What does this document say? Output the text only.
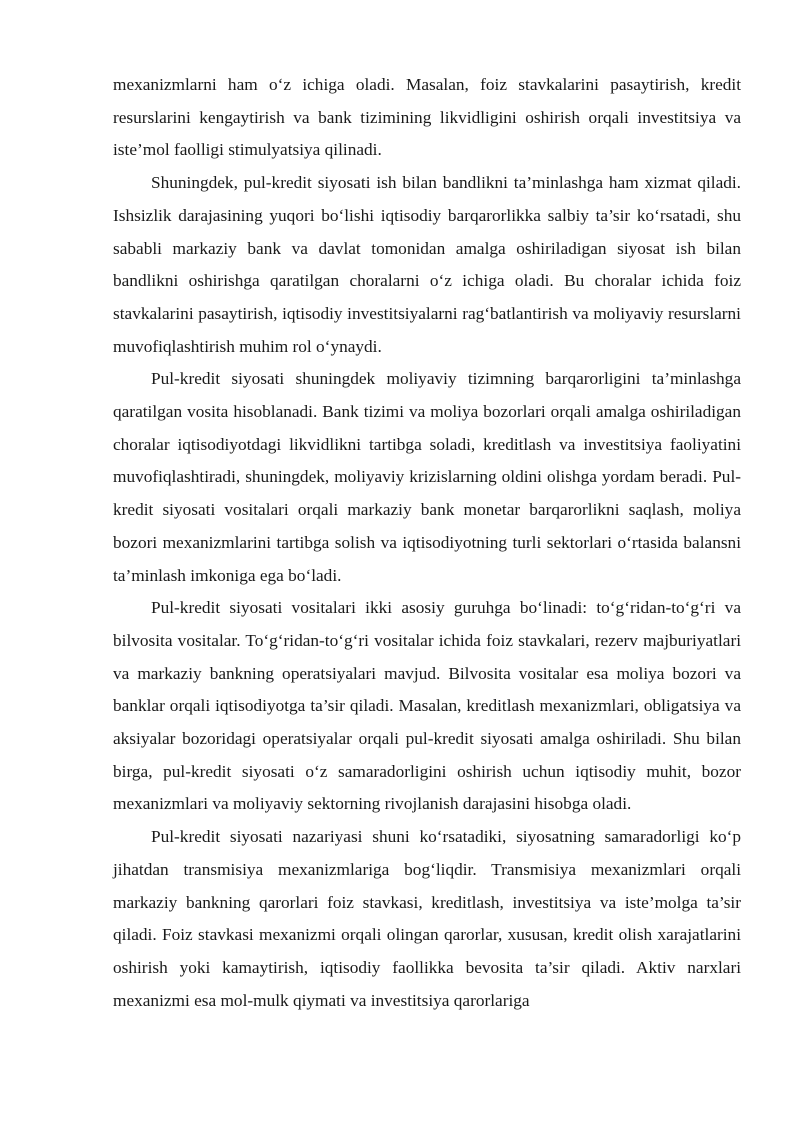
mexanizmlarni ham o‘z ichiga oladi. Masalan, foiz stavkalarini pasaytirish, kredit resurslarini kengaytirish va bank tizimining likvidligini oshirish orqali investitsiya va iste’mol faolligi stimulyatsiya qilinadi.

Shuningdek, pul-kredit siyosati ish bilan bandlikni ta’minlashga ham xizmat qiladi. Ishsizlik darajasining yuqori bo‘lishi iqtisodiy barqarorlikka salbiy ta’sir ko‘rsatadi, shu sababli markaziy bank va davlat tomonidan amalga oshiriladigan siyosat ish bilan bandlikni oshirishga qaratilgan choralarni o‘z ichiga oladi. Bu choralar ichida foiz stavkalarini pasaytirish, iqtisodiy investitsiyalarni rag‘batlantirish va moliyaviy resurslarni muvofiqlashtirish muhim rol o‘ynaydi.

Pul-kredit siyosati shuningdek moliyaviy tizimning barqarorligini ta’minlashga qaratilgan vosita hisoblanadi. Bank tizimi va moliya bozorlari orqali amalga oshiriladigan choralar iqtisodiyotdagi likvidlikni tartibga soladi, kreditlash va investitsiya faoliyatini muvofiqlashtiradi, shuningdek, moliyaviy krizislarning oldini olishga yordam beradi. Pul-kredit siyosati vositalari orqali markaziy bank monetar barqarorlikni saqlash, moliya bozori mexanizmlarini tartibga solish va iqtisodiyotning turli sektorlari o‘rtasida balansni ta’minlash imkoniga ega bo‘ladi.

Pul-kredit siyosati vositalari ikki asosiy guruhga bo‘linadi: to‘g‘ridan-to‘g‘ri va bilvosita vositalar. To‘g‘ridan-to‘g‘ri vositalar ichida foiz stavkalari, rezerv majburiyatlari va markaziy bankning operatsiyalari mavjud. Bilvosita vositalar esa moliya bozori va banklar orqali iqtisodiyotga ta’sir qiladi. Masalan, kreditlash mexanizmlari, obligatsiya va aksiyalar bozoridagi operatsiyalar orqali pul-kredit siyosati amalga oshiriladi. Shu bilan birga, pul-kredit siyosati o‘z samaradorligini oshirish uchun iqtisodiy muhit, bozor mexanizmlari va moliyaviy sektorning rivojlanish darajasini hisobga oladi.

Pul-kredit siyosati nazariyasi shuni ko‘rsatadiki, siyosatning samaradorligi ko‘p jihatdan transmisiya mexanizmlariga bog‘liqdir. Transmisiya mexanizmlari orqali markaziy bankning qarorlari foiz stavkasi, kreditlash, investitsiya va iste’molga ta’sir qiladi. Foiz stavkasi mexanizmi orqali olingan qarorlar, xususan, kredit olish xarajatlarini oshirish yoki kamaytirish, iqtisodiy faollikka bevosita ta’sir qiladi. Aktiv narxlari mexanizmi esa mol-mulk qiymati va investitsiya qarorlariga
